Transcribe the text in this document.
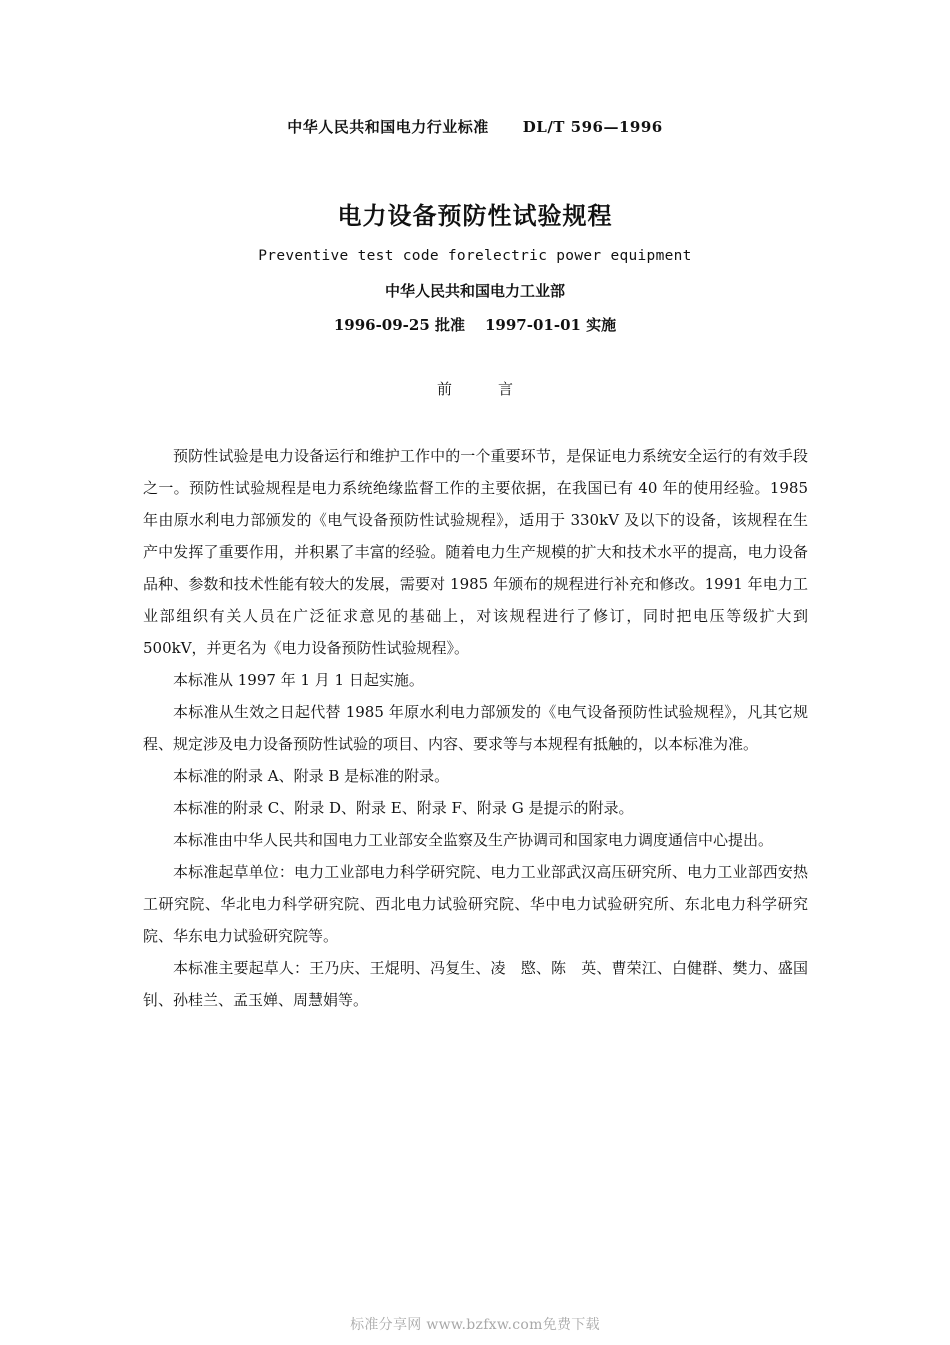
中华人民共和国电力行业标准 DL/T 596—1996
电力设备预防性试验规程
Preventive test code forelectric power equipment
中华人民共和国电力工业部
1996-09-25 批准 1997-01-01 实施
前言

预防性试验是电力设备运行和维护工作中的一个重要环节，是保证电力系统安全运行的有效手段之一。预防性试验规程是电力系统绝缘监督工作的主要依据，在我国已有 40 年的使用经验。1985 年由原水利电力部颁发的《电气设备预防性试验规程》，适用于 330kV 及以下的设备，该规程在生产中发挥了重要作用，并积累了丰富的经验。随着电力生产规模的扩大和技术水平的提高，电力设备品种、参数和技术性能有较大的发展，需要对 1985 年颁布的规程进行补充和修改。1991 年电力工业部组织有关人员在广泛征求意见的基础上，对该规程进行了修订，同时把电压等级扩大到 500kV，并更名为《电力设备预防性试验规程》。

本标准从 1997 年 1 月 1 日起实施。

本标准从生效之日起代替 1985 年原水利电力部颁发的《电气设备预防性试验规程》，凡其它规程、规定涉及电力设备预防性试验的项目、内容、要求等与本规程有抵触的，以本标准为准。

本标准的附录 A、附录 B 是标准的附录。

本标准的附录 C、附录 D、附录 E、附录 F、附录 G 是提示的附录。

本标准由中华人民共和国电力工业部安全监察及生产协调司和国家电力调度通信中心提出。

本标准起草单位：电力工业部电力科学研究院、电力工业部武汉高压研究所、电力工业部西安热工研究院、华北电力科学研究院、西北电力试验研究院、华中电力试验研究所、东北电力科学研究院、华东电力试验研究院等。

本标准主要起草人：王乃庆、王焜明、冯复生、凌　愍、陈　英、曹荣江、白健群、樊力、盛国钊、孙桂兰、孟玉婵、周慧娟等。

标准分享网 www.bzfxw.com免费下载
